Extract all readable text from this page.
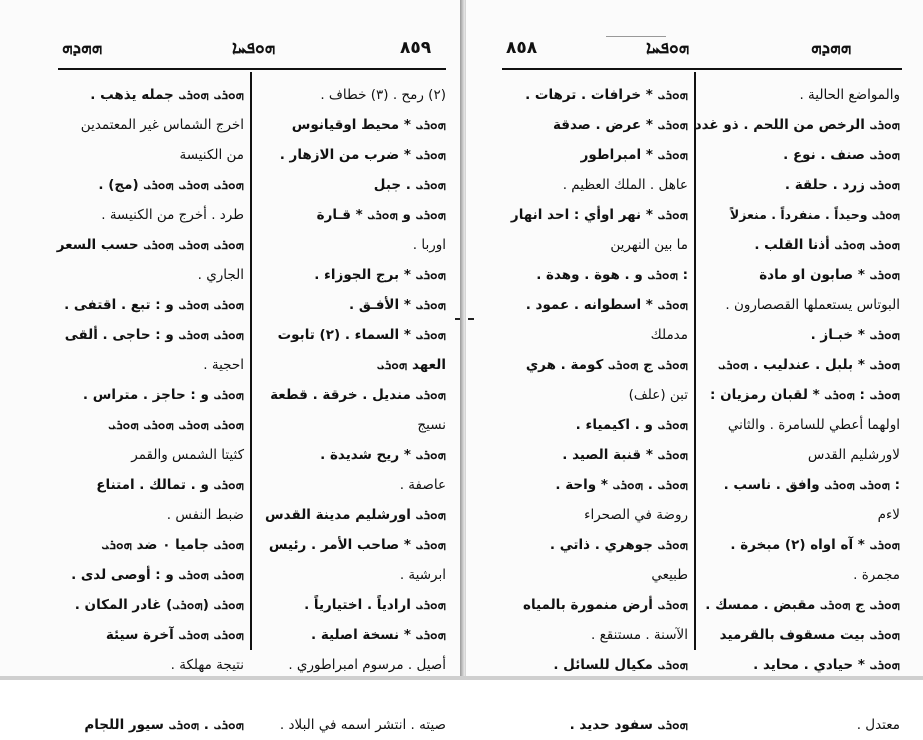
ܗܗܕܗ	ܗܘܦܚܐ	٨٥٩
ܗܘܪܝ ܗܘܪܝ جمله يذهب .
اخرج الشماس غير المعتمدين
من الكنيسة
ܗܘܪܝ ܗܘܪܝ ܗܘܪܝ (مج) .
طرد . أخرج من الكنيسة .
ܗܘܪܝ ܗܘܪܝ ܗܘܪܝ حسب السعر
الجاري .
ܗܘܪܝ ܗܘܪܝ و : تبع . اقتفى .
ܗܘܪܝ ܗܘܪܝ و : حاجى . ألقى
احجية .
ܗܘܪܝ و : حاجز . متراس .
ܗܘܪܝ ܗܘܪܝ ܗܘܪܝ ܗܘܪܝ
كثيتا الشمس والقمر
ܗܘܪܝ و . تمالك . امتناع
ضبط النفس .
ܗܘܪܝ جاميا ۰ ضد ܗܘܪܝ
ܗܘܪܝ ܗܘܪܝ و : أوصى لدى .
ܗܘܪܝ (ܗܘܪܝ) غادر المكان .
ܗܘܪܝ ܗܘܪܝ آخرة سيئة
نتيجة مهلكة .
ܗܘܪܝ . ܗܘܪܝ سيور اللجام
(۲) رمح . (۳) خطاف .
ܗܘܪܝ * محيط اوقيانوس
ܗܘܪܝ * ضرب من الازهار .
ܗܘܪܝ . جبل
ܗܘܪܝ و ܗܘܪܝ * قـارة
اوربا .
ܗܘܪܝ * برج الجوزاء .
ܗܘܪܝ * الأفـق .
ܗܘܪܝ * السماء . (۲) تابوت
العهد ܗܘܪܝ
ܗܘܪܝ منديل . خرقة . قطعة
نسيج
ܗܘܪܝ * ريح شديدة .
عاصفة .
ܗܘܪܝ اورشليم مدينة القدس
ܗܘܪܝ * صاحب الأمر . رئيس
ابرشية .
ܗܘܪܝ ارادياً . اختيارياً .
ܗܘܪܝ * نسخة اصلية .
أصيل . مرسوم امبراطوري .
صيته . انتشر اسمه في البلاد .
٨٥٨	ܗܘܦܚܐ	ܗܗܕܗ
ܗܘܪܝ * خرافات . ترهات .
ܗܘܪܝ * عرض . صدقة
ܗܘܪܝ * امبراطور
عاهل . الملك العظيم .
ܗܘܪܝ * نهر اوأي : احد انهار
ما بين النهرين
: ܗܘܪܝ و . هوة . وهدة .
ܗܘܪܝ * اسطوانه . عمود .
مدملك
ܗܘܪܝ ج ܗܘܪܝ كومة . هري
تبن (علف)
ܗܘܪܝ و . اكيمياء .
ܗܘܪܝ * قنبة الصيد .
ܗܘܪܝ . ܗܘܪܝ * واحة .
روضة في الصحراء
ܗܘܪܝ جوهري . ذاتي .
طبيعي
ܗܘܪܝ أرض منمورة بالمياه
الآسنة . مستنقع .
ܗܘܪܝ مكيال للسائل .
ܗܘܪܝ سفود حديد .
والمواضع الحالية .
ܗܘܪܝ الرخص من اللحم . ذو غدد
ܗܘܪܝ صنف . نوع .
ܗܘܪܝ زرد . حلقة .
ܗܘܪܝ وحيداً . منفرداً . منعزلاً
ܗܘܪܝ ܗܘܪܝ أذنا القلب .
ܗܘܪܝ * صابون او مادة
البوتاس يستعملها القصصارون .
ܗܘܪܝ * خبـاز .
ܗܘܪܝ * بلبل . عندليب . ܗܘܪܝ
ܗܘܪܝ : ܗܘܪܝ * لقبان رمزيان :
اولهما أعطي للسامرة . والثاني
لاورشليم القدس
: ܗܘܪܝ ܗܘܪܝ وافق . ناسب .
لاءم
ܗܘܪܝ * آه اواه (۲) مبخرة .
مجمرة .
ܗܘܪܝ ج ܗܘܪܝ مقبض . ممسك .
ܗܘܪܝ بيت مسقوف بالقرميد
ܗܘܪܝ * حيادي . محايد .
معتدل .
